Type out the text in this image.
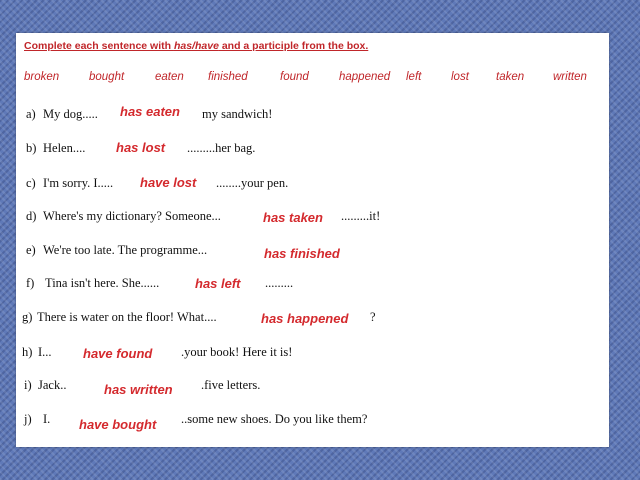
Complete each sentence with has/have and a participle from the box.
broken	bought	eaten finished	found	happened left	lost taken	written
a) My dog..... has eaten my sandwich!
b) Helen.... has lost .........her bag.
c) I'm sorry. I..... have lost ........your pen.
d) Where's my dictionary? Someone...	has taken .........it!
e) We're too late. The programme...	has finished
f) Tina isn't here. She......	has left .........
g) There is water on the floor! What....	has happened ?
h) I... have found .your book! Here it is!
i) Jack..	has written .five letters.
j) I. have bought ..some new shoes. Do you like them?
